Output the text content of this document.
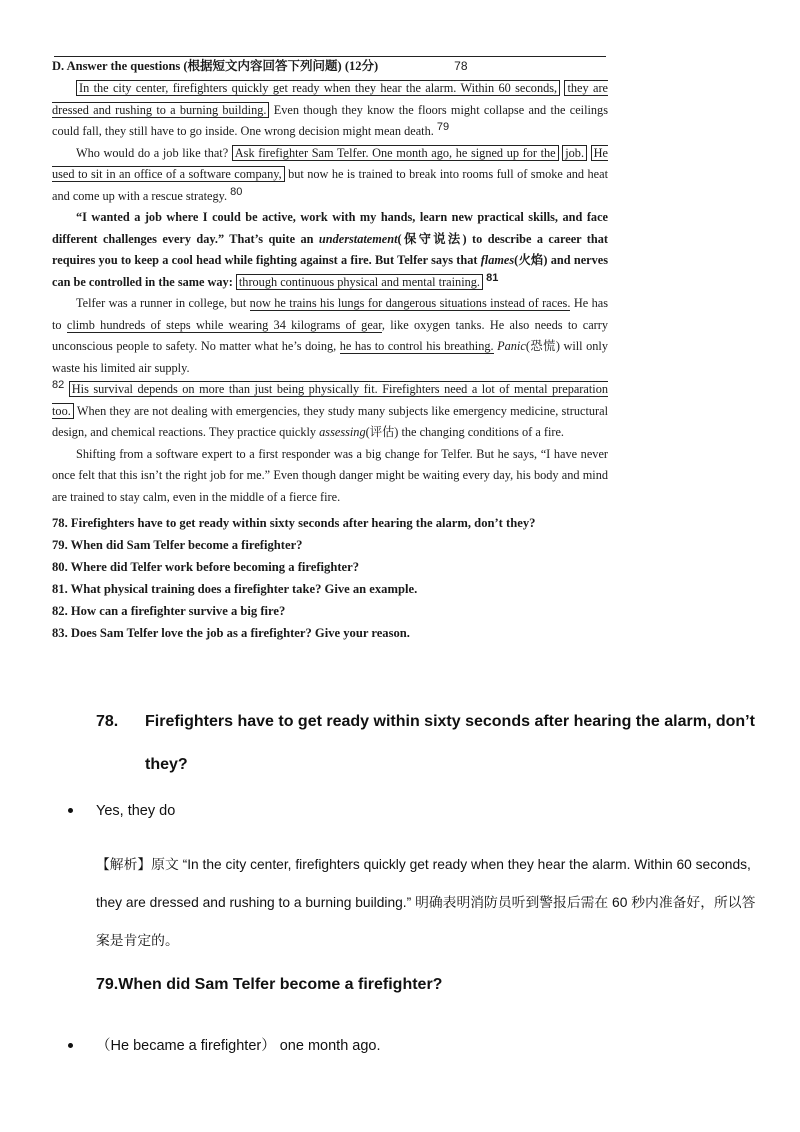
D. Answer the questions (根据短文内容回答下列问题) (12分)	78
In the city center, firefighters quickly get ready when they hear the alarm. Within 60 seconds, they are dressed and rushing to a burning building. Even though they know the floors might collapse and the ceilings could fall, they still have to go inside. One wrong decision might mean death. 79
Who would do a job like that? Ask firefighter Sam Telfer. One month ago, he signed up for the job. He used to sit in an office of a software company, but now he is trained to break into rooms full of smoke and heat and come up with a rescue strategy. 80
“I wanted a job where I could be active, work with my hands, learn new practical skills, and face different challenges every day.” That’s quite an understatement(保守说法) to describe a career that requires you to keep a cool head while fighting against a fire. But Telfer says that flames(火焰) and nerves can be controlled in the same way: through continuous physical and mental training. 81
Telfer was a runner in college, but now he trains his lungs for dangerous situations instead of races. He has to climb hundreds of steps while wearing 34 kilograms of gear, like oxygen tanks. He also needs to carry unconscious people to safety. No matter what he’s doing, he has to control his breathing. Panic(恐慌) will only waste his limited air supply.
82 His survival depends on more than just being physically fit. Firefighters need a lot of mental preparation too. When they are not dealing with emergencies, they study many subjects like emergency medicine, structural design, and chemical reactions. They practice quickly assessing(评估) the changing conditions of a fire.
Shifting from a software expert to a first responder was a big change for Telfer. But he says, “I have never once felt that this isn’t the right job for me.” Even though danger might be waiting every day, his body and mind are trained to stay calm, even in the middle of a fierce fire.
78. Firefighters have to get ready within sixty seconds after hearing the alarm, don’t they?
79. When did Sam Telfer become a firefighter?
80. Where did Telfer work before becoming a firefighter?
81. What physical training does a firefighter take? Give an example.
82. How can a firefighter survive a big fire?
83. Does Sam Telfer love the job as a firefighter? Give your reason.
78. Firefighters have to get ready within sixty seconds after hearing the alarm, don’t
they?
Yes, they do
【解析】原文 “In the city center, firefighters quickly get ready when they hear the alarm. Within 60 seconds, they are dressed and rushing to a burning building.” 明确表明消防员听到警报后需在 60 秒内准备好，所以答案是肯定的。
79.When did Sam Telfer become a firefighter?
（He became a firefighter） one month ago.
